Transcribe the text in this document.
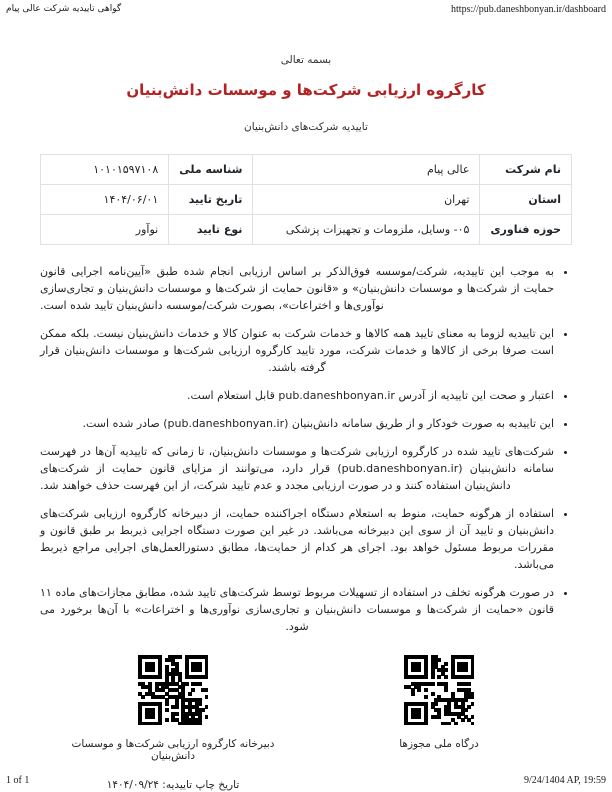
گواهی تاییدیه شرکت عالی پیام	https://pub.daneshbonyan.ir/dashboard
بسمه تعالی
کارگروه ارزیابی شرکت‌ها و موسسات دانش‌بنیان
تاییدیه شرکت‌های دانش‌بنیان
نام شرکت	عالی پیام	شناسه ملی	۱۰۱۰۱۵۹۷۱۰۸
استان	تهران	تاریخ تایید	۱۴۰۴/۰۶/۰۱
حوزه فناوری	۰۵- وسایل، ملزومات و تجهیزات پزشکی	نوع تایید	نوآور
• به موجب این تاییدیه، شرکت/موسسه فوق‌الذکر بر اساس ارزیابی انجام شده طبق «آیین‌نامه اجرایی قانون حمایت از شرکت‌ها و موسسات دانش‌بنیان» و «قانون حمایت از شرکت‌ها و موسسات دانش‌بنیان و تجاری‌سازی نوآوری‌ها و اختراعات»، بصورت شرکت/موسسه دانش‌بنیان تایید شده است.
• این تاییدیه لزوما به معنای تایید همه کالاها و خدمات شرکت به عنوان کالا و خدمات دانش‌بنیان نیست. بلکه ممکن است صرفا برخی از کالاها و خدمات شرکت، مورد تایید کارگروه ارزیابی شرکت‌ها و موسسات دانش‌بنیان قرار گرفته باشند.
• اعتبار و صحت این تاییدیه از آدرس pub.daneshbonyan.ir قابل استعلام است.
• این تاییدیه به صورت خودکار و از طریق سامانه دانش‌بنیان (pub.daneshbonyan.ir) صادر شده است.
• شرکت‌های تایید شده در کارگروه ارزیابی شرکت‌ها و موسسات دانش‌بنیان، تا زمانی که تاییدیه آن‌ها در فهرست سامانه دانش‌بنیان (pub.daneshbonyan.ir) قرار دارد، می‌توانند از مزایای قانون حمایت از شرکت‌های دانش‌بنیان استفاده کنند و در صورت ارزیابی مجدد و عدم تایید شرکت، از این فهرست حذف خواهند شد.
• استفاده از هرگونه حمایت، منوط به استعلام دستگاه اجراکننده حمایت، از دبیرخانه کارگروه ارزیابی شرکت‌های دانش‌بنیان و تایید آن از سوی این دبیرخانه می‌باشد. در غیر این صورت دستگاه اجرایی ذیربط بر طبق قانون و مقررات مربوط مسئول خواهد بود. اجرای هر کدام از حمایت‌ها، مطابق دستورالعمل‌های اجرایی مراجع ذیربط می‌باشد.
• در صورت هرگونه تخلف در استفاده از تسهیلات مربوط توسط شرکت‌های تایید شده، مطابق مجازات‌های ماده ۱۱ قانون «حمایت از شرکت‌ها و موسسات دانش‌بنیان و تجاری‌سازی نوآوری‌ها و اختراعات» با آن‌ها برخورد می شود.
درگاه ملی مجوزها
دبیرخانه کارگروه ارزیابی شرکت‌ها و موسسات دانش‌بنیان
تاریخ چاپ تاییدیه: ۱۴۰۴/۰۹/۲۴
1 of 1	9/24/1404 AP, 19:59
